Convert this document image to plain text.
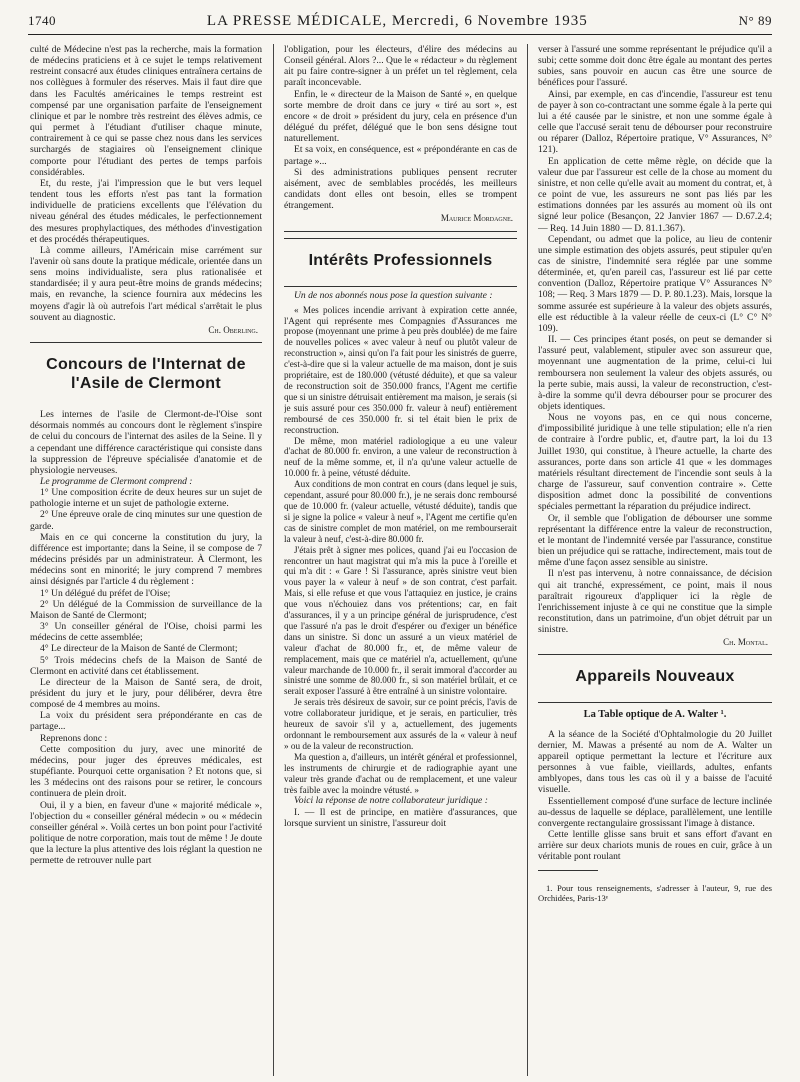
1740	LA PRESSE MÉDICALE, Mercredi, 6 Novembre 1935	N° 89

culté de Médecine n'est pas la recherche, mais la formation de médecins praticiens et à ce sujet le temps relativement restreint consacré aux études cliniques entraînera certains de nos collègues à formuler des réserves. Mais il faut dire que dans les Facultés américaines le temps restreint est compensé par une organisation parfaite de l'enseignement clinique et par le nombre très restreint des élèves admis, ce qui permet à l'étudiant d'utiliser chaque minute, contrairement à ce qui se passe chez nous dans les services surchargés de stagiaires où l'enseignement clinique comporte pour l'étudiant des pertes de temps parfois considérables.

Et, du reste, j'ai l'impression que le but vers lequel tendent tous les efforts n'est pas tant la formation individuelle de praticiens excellents que l'élévation du niveau général des études médicales, le perfectionnement des mesures prophylactiques, des méthodes d'investigation et des procédés thérapeutiques.

Là comme ailleurs, l'Américain mise carrément sur l'avenir où sans doute la pratique médicale, orientée dans un sens moins individualiste, sera plus rationalisée et standardisée; il y aura peut-être moins de grands médecins; mais, en revanche, la science fournira aux médecins les moyens d'agir là où autrefois l'art médical s'arrêtait le plus souvent au diagnostic.

Ch. Oberling.
Concours de l'Internat de l'Asile de Clermont

Les internes de l'asile de Clermont-de-l'Oise sont désormais nommés au concours dont le règlement s'inspire de celui du concours de l'internat des asiles de la Seine. Il y a cependant une différence caractéristique qui consiste dans la suppression de l'épreuve spécialisée d'anatomie et de physiologie nerveuses.

Le programme de Clermont comprend :

1° Une composition écrite de deux heures sur un sujet de pathologie interne et un sujet de pathologie externe.

2° Une épreuve orale de cinq minutes sur une question de garde.

Mais en ce qui concerne la constitution du jury, la différence est importante; dans la Seine, il se compose de 7 médecins présidés par un administrateur. À Clermont, les médecins sont en minorité; le jury comprend 7 membres ainsi désignés par l'article 4 du règlement :

1° Un délégué du préfet de l'Oise;

2° Un délégué de la Commission de surveillance de la Maison de Santé de Clermont;

3° Un conseiller général de l'Oise, choisi parmi les médecins de cette assemblée;

4° Le directeur de la Maison de Santé de Clermont;

5° Trois médecins chefs de la Maison de Santé de Clermont en activité dans cet établissement.

Le directeur de la Maison de Santé sera, de droit, président du jury et le jury, pour délibérer, devra être composé de 4 membres au moins.

La voix du président sera prépondérante en cas de partage...

Reprenons donc :

Cette composition du jury, avec une minorité de médecins, pour juger des épreuves médicales, est stupéfiante. Pourquoi cette organisation ? Et notons que, si les 3 médecins ont des raisons pour se retirer, le concours continuera de plein droit.

Oui, il y a bien, en faveur d'une « majorité médicale », l'objection du « conseiller général médecin » ou « médecin conseiller général ». Voilà certes un bon point pour l'activité politique de notre corporation, mais tout de même ! Je doute que la lecture la plus attentive des lois réglant la question ne permette de retrouver nulle part

l'obligation, pour les électeurs, d'élire des médecins au Conseil général. Alors ?... Que le « rédacteur » du règlement ait pu faire contre-signer à un préfet un tel règlement, cela paraît inconcevable.

Enfin, le « directeur de la Maison de Santé », en quelque sorte membre de droit dans ce jury « tiré au sort », est encore « de droit » président du jury, cela en présence d'un délégué du préfet, délégué que le bon sens désigne tout naturellement.

Et sa voix, en conséquence, est « prépondérante en cas de partage »...

Si des administrations publiques pensent recruter aisément, avec de semblables procédés, les meilleurs candidats dont elles ont besoin, elles se trompent étrangement.

Maurice Mordagne.
Intérêts Professionnels

Un de nos abonnés nous pose la question suivante :

« Mes polices incendie arrivant à expiration cette année, l'Agent qui représente mes Compagnies d'Assurances me propose (moyennant une prime à peu près doublée) de me faire de nouvelles polices « avec valeur à neuf ou plutôt valeur de reconstruction », ainsi qu'on l'a fait pour les sinistrés de guerre, c'est-à-dire que si la valeur actuelle de ma maison, dont je suis propriétaire, est de 180.000 (vétusté déduite), et que sa valeur de reconstruction soit de 350.000 francs, l'Agent me certifie que si un sinistre détruisait entièrement ma maison, je serais (si je suis assuré pour ces 350.000 fr. valeur à neuf) entièrement remboursé de ces 350.000 fr. si tel était bien le prix de reconstruction.

De même, mon matériel radiologique a eu une valeur d'achat de 80.000 fr. environ, a une valeur de reconstruction à neuf de la même somme, et, il n'a qu'une valeur actuelle de 10.000 fr. à peine, vétusté déduite.

Aux conditions de mon contrat en cours (dans lequel je suis, cependant, assuré pour 80.000 fr.), je ne serais donc remboursé que de 10.000 fr. (valeur actuelle, vétusté déduite), tandis que si je signe la police « valeur à neuf », l'Agent me certifie qu'en cas de sinistre complet de mon matériel, on me rembourserait la valeur à neuf, c'est-à-dire 80.000 fr.

J'étais prêt à signer mes polices, quand j'ai eu l'occasion de rencontrer un haut magistrat qui m'a mis la puce à l'oreille et qui m'a dit : « Gare ! Si l'assurance, après sinistre veut bien vous payer la « valeur à neuf » de son contrat, c'est parfait. Mais, si elle refuse et que vous l'attaquiez en justice, je crains que vous n'échouiez dans vos prétentions; car, en fait d'assurances, il y a un principe général de jurisprudence, c'est que l'assuré n'a pas le droit d'espérer ou d'exiger un bénéfice dans un sinistre. Si donc un assuré a un vieux matériel de valeur d'achat de 80.000 fr., et, de même valeur de remplacement, mais que ce matériel n'a, actuellement, qu'une valeur marchande de 10.000 fr., il serait immoral d'accorder au sinistré une somme de 80.000 fr., si son matériel brûlait, et ce serait exposer l'assuré à être entraîné à un sinistre volontaire.

Je serais très désireux de savoir, sur ce point précis, l'avis de votre collaborateur juridique, et je serais, en particulier, très heureux de savoir s'il y a, actuellement, des jugements ordonnant le remboursement aux assurés de la « valeur à neuf » ou de la valeur de reconstruction.

Ma question a, d'ailleurs, un intérêt général et professionnel, les instruments de chirurgie et de radiographie ayant une valeur très grande d'achat ou de remplacement, et une valeur très faible avec la moindre vétusté. »

Voici la réponse de notre collaborateur juridique :

I. — Il est de principe, en matière d'assurances, que lorsque survient un sinistre, l'assureur doit

verser à l'assuré une somme représentant le préjudice qu'il a subi; cette somme doit donc être égale au montant des pertes subies, sans pouvoir en aucun cas être une source de bénéfices pour l'assuré.

Ainsi, par exemple, en cas d'incendie, l'assureur est tenu de payer à son co-contractant une somme égale à la perte qui lui a été causée par le sinistre, et non une somme égale à celle que l'accusé serait tenu de débourser pour reconstruire ou réparer (Dalloz, Répertoire pratique, V° Assurances, N° 121).

En application de cette même règle, on décide que la valeur due par l'assureur est celle de la chose au moment du sinistre, et non celle qu'elle avait au moment du contrat, et, à ce point de vue, les assureurs ne sont pas liés par les estimations données par les assurés au moment où ils ont signé leur police (Besançon, 22 Janvier 1867 — D.67.2.4; — Req. 14 Juin 1880 — D. 81.1.367).

Cependant, ou admet que la police, au lieu de contenir une simple estimation des objets assurés, peut stipuler qu'en cas de sinistre, l'indemnité sera réglée par une somme déterminée, et, qu'en pareil cas, l'assureur est lié par cette convention (Dalloz, Répertoire pratique V° Assurances N° 108; — Req. 3 Mars 1879 — D. P. 80.1.23). Mais, lorsque la somme assurée est supérieure à la valeur des objets assurés, elle est réductible à la valeur réelle de ceux-ci (L° C° N° 109).

II. — Ces principes étant posés, on peut se demander si l'assuré peut, valablement, stipuler avec son assureur que, moyennant une augmentation de la prime, celui-ci lui remboursera non seulement la valeur des objets assurés, ou la perte subie, mais aussi, la valeur de reconstruction, c'est-à-dire la somme qu'il devra débourser pour se procurer des objets identiques.

Nous ne voyons pas, en ce qui nous concerne, d'impossibilité juridique à une telle stipulation; elle n'a rien de contraire à l'ordre public, et, d'autre part, la loi du 13 Juillet 1930, qui constitue, à l'heure actuelle, la charte des assurances, porte dans son article 41 que « les dommages matériels résultant directement de l'incendie sont seuls à la charge de l'assureur, sauf convention contraire ». Cette disposition admet donc la possibilité de conventions spéciales permettant la réparation du préjudice indirect.

Or, il semble que l'obligation de débourser une somme représentant la différence entre la valeur de reconstruction, et le montant de l'indemnité versée par l'assurance, constitue bien un préjudice qui se rattache, indirectement, mais tout de même d'une façon assez sensible au sinistre.

Il n'est pas intervenu, à notre connaissance, de décision qui ait tranché, expressément, ce point, mais il nous paraîtrait rigoureux d'appliquer ici la règle de l'enrichissement injuste à ce qui ne constitue que la simple reconstitution, dans un patrimoine, d'un objet détruit par un sinistre.

Ch. Montal.
Appareils Nouveaux

La Table optique de A. Walter ¹.

A la séance de la Société d'Ophtalmologie du 20 Juillet dernier, M. Mawas a présenté au nom de A. Walter un appareil optique permettant la lecture et l'écriture aux personnes à vue faible, vieillards, adultes, enfants amblyopes, dans tous les cas où il y a baisse de l'acuité visuelle.

Essentiellement composé d'une surface de lecture inclinée au-dessus de laquelle se déplace, parallèlement, une lentille convergente rectangulaire grossissant l'image à distance.

Cette lentille glisse sans bruit et sans effort d'avant en arrière sur deux chariots munis de roues en cuir, grâce à un véritable pont roulant

1. Pour tous renseignements, s'adresser à l'auteur, 9, rue des Orchidées, Paris-13ᵉ
